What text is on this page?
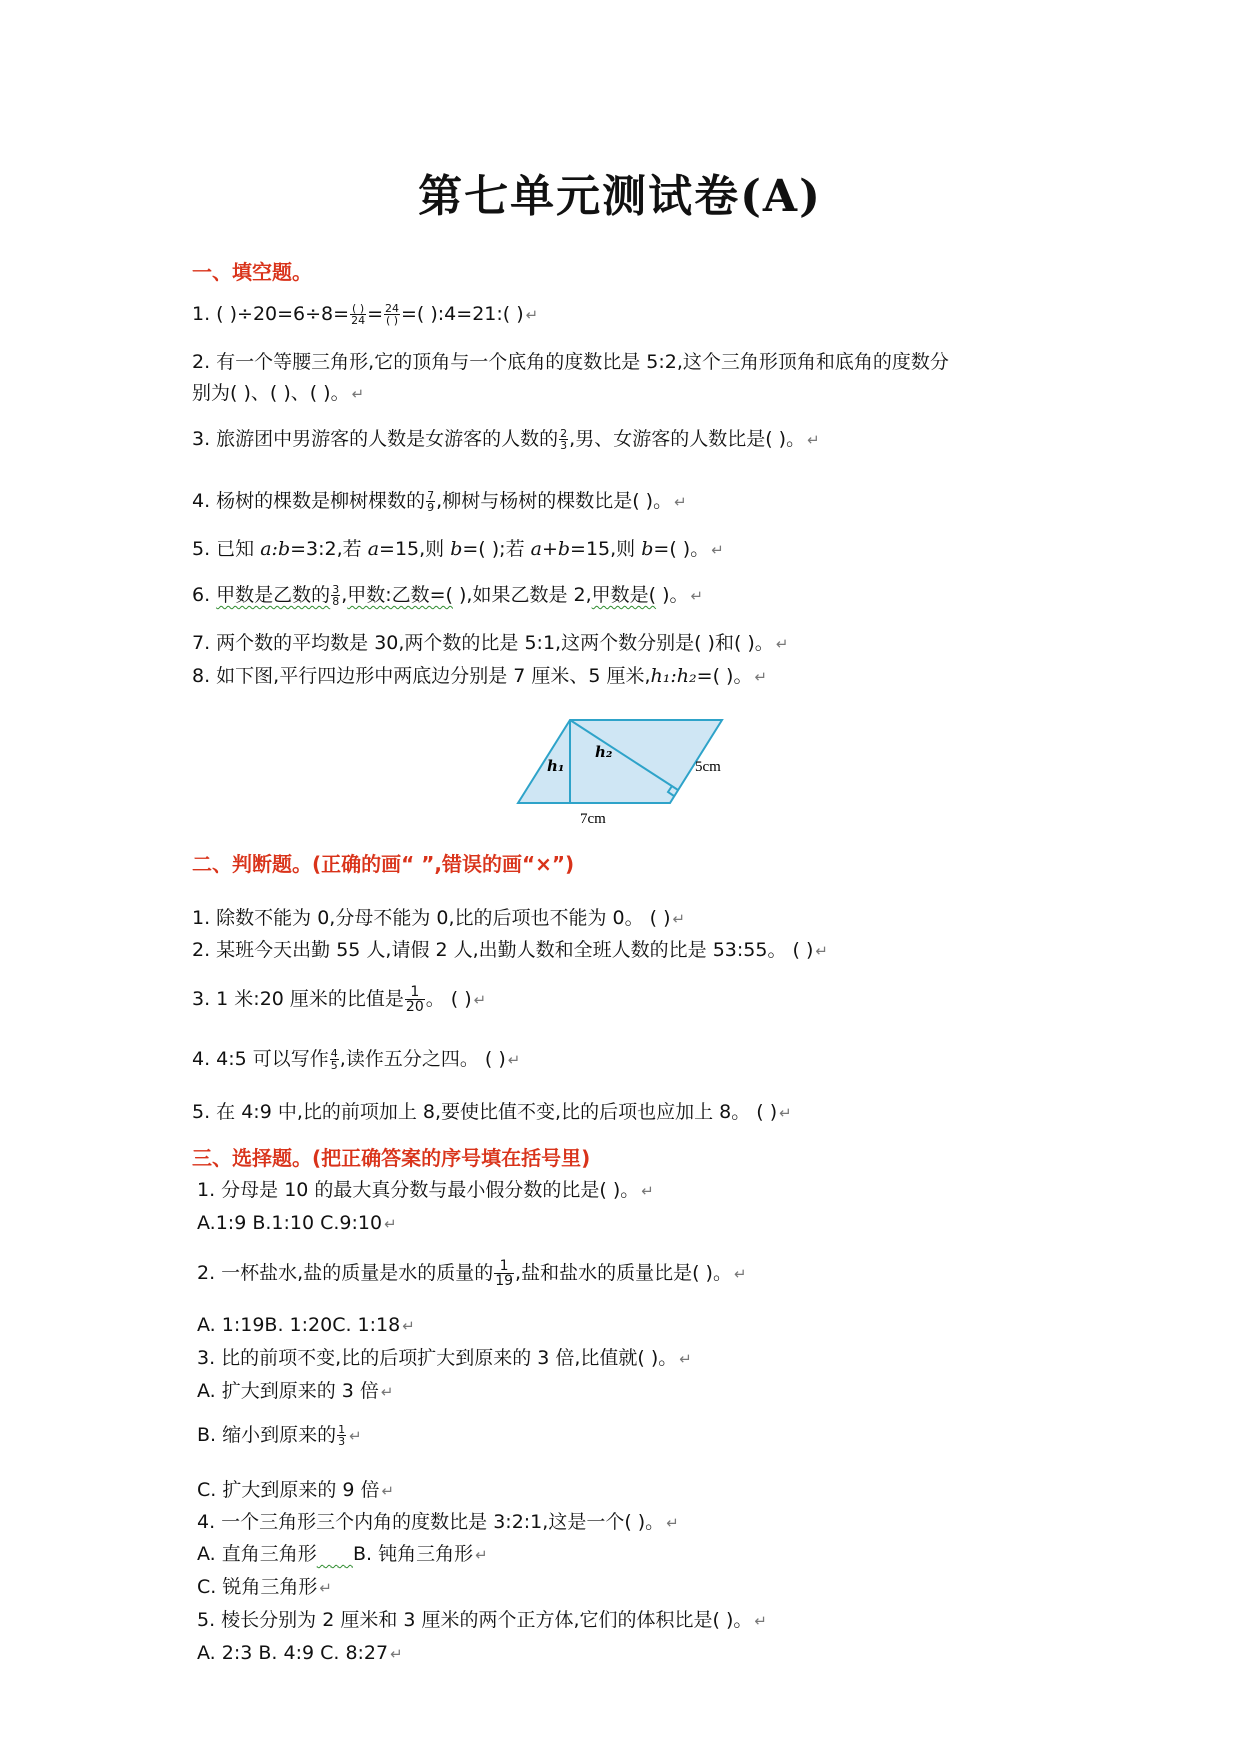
第七单元测试卷(A)
一、填空题。
1. ( )$\div 20=6\div 8= \frac{( )}{24} = \frac{24}{( )}$ =( ):4=21:( ) ↵
2. 有一个等腰三角形,它的顶角与一个底角的度数比是 5:2,这个三角形顶角和底角的度数分
别为( )、( )、( )。 ↵
3. 旅游团中男游客的人数是女游客的人数的 $\frac{2}{3}$ ,男、女游客的人数比是( )。 ↵
4. 杨树的棵数是柳树棵数的 $\frac{7}{9}$ ,柳树与杨树的棵数比是( )。 ↵
5. 已知 a:b=3:2,若 a=15,则 b=( );若 a+b=15,则 b=( )。 ↵
6. 甲数是乙数的 $\frac{3}{8}$ ,甲数:乙数=( ),如果乙数是 2,甲数是( )。 ↵
7. 两个数的平均数是 30,两个数的比是 5:1,这两个数分别是( )和( )。 ↵
8. 如下图,平行四边形中两底边分别是 7 厘米、5 厘米,h₁:h₂=( )。 ↵
h₁
h₂
5cm
7cm
二、判断题。(正确的画“ ”,错误的画“×”)
1. 除数不能为 0,分母不能为 0,比的后项也不能为 0。 ( ) ↵
2. 某班今天出勤 55 人,请假 2 人,出勤人数和全班人数的比是 53:55。 ( ) ↵
3. 1 米:20 厘米的比值是 $\frac{1}{20}$ 。 ( ) ↵
4. 4:5 可以写作 $\frac{4}{5}$ ,读作五分之四。 ( ) ↵
5. 在 4:9 中,比的前项加上 8,要使比值不变,比的后项也应加上 8。 ( ) ↵
三、选择题。(把正确答案的序号填在括号里)
1. 分母是 10 的最大真分数与最小假分数的比是( )。 ↵
A.1:9 B.1:10 C.9:10 ↵
2. 一杯盐水,盐的质量是水的质量的 $\frac{1}{19}$ ,盐和盐水的质量比是( )。 ↵
A. 1:19B. 1:20C. 1:18 ↵
3. 比的前项不变,比的后项扩大到原来的 3 倍,比值就( )。 ↵
A. 扩大到原来的 3 倍 ↵
B. 缩小到原来的 $\frac{1}{3}$ ↵
C. 扩大到原来的 9 倍 ↵
4. 一个三角形三个内角的度数比是 3:2:1,这是一个( )。 ↵
A. 直角三角形 B. 钝角三角形 ↵
C. 锐角三角形 ↵
5. 棱长分别为 2 厘米和 3 厘米的两个正方体,它们的体积比是( )。 ↵
A. 2:3 B. 4:9 C. 8:27 ↵
